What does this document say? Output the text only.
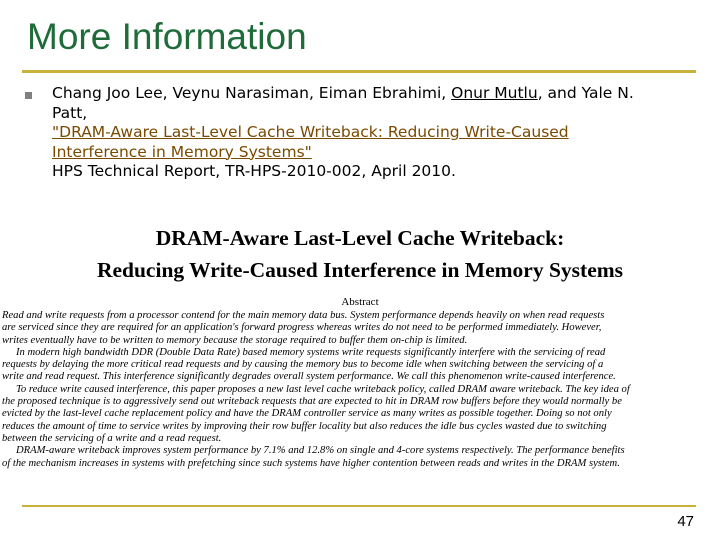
More Information
Chang Joo Lee, Veynu Narasiman, Eiman Ebrahimi, Onur Mutlu, and Yale N.
Patt,
"DRAM-Aware Last-Level Cache Writeback: Reducing Write-Caused
Interference in Memory Systems"
HPS Technical Report, TR-HPS-2010-002, April 2010.
DRAM-Aware Last-Level Cache Writeback:
Reducing Write-Caused Interference in Memory Systems
Abstract
Read and write requests from a processor contend for the main memory data bus. System performance depends heavily on when read requests
are serviced since they are required for an application's forward progress whereas writes do not need to be performed immediately. However,
writes eventually have to be written to memory because the storage required to buffer them on-chip is limited.
In modern high bandwidth DDR (Double Data Rate) based memory systems write requests significantly interfere with the servicing of read
requests by delaying the more critical read requests and by causing the memory bus to become idle when switching between the servicing of a
write and read request. This interference significantly degrades overall system performance. We call this phenomenon write-caused interference.
To reduce write caused interference, this paper proposes a new last level cache writeback policy, called DRAM aware writeback. The key idea of
the proposed technique is to aggressively send out writeback requests that are expected to hit in DRAM row buffers before they would normally be
evicted by the last-level cache replacement policy and have the DRAM controller service as many writes as possible together. Doing so not only
reduces the amount of time to service writes by improving their row buffer locality but also reduces the idle bus cycles wasted due to switching
between the servicing of a write and a read request.
DRAM-aware writeback improves system performance by 7.1% and 12.8% on single and 4-core systems respectively. The performance benefits
of the mechanism increases in systems with prefetching since such systems have higher contention between reads and writes in the DRAM system.
47
